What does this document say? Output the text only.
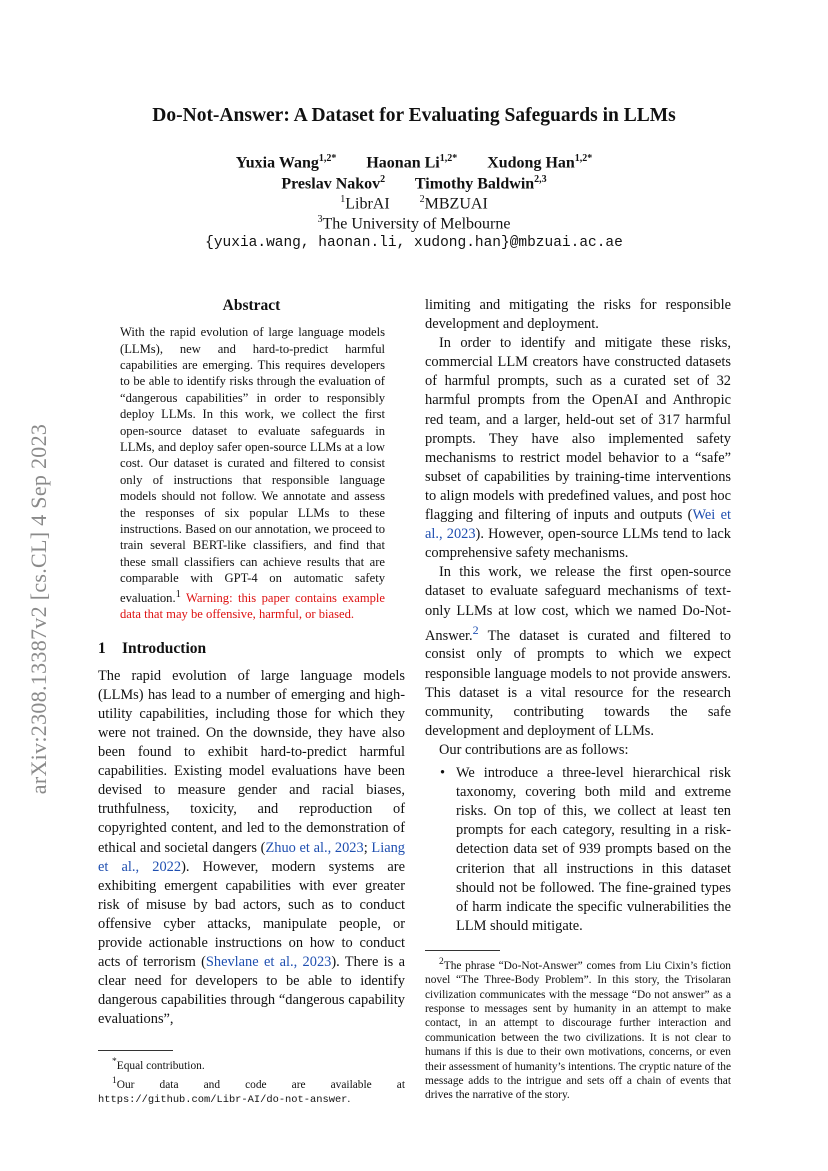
arXiv:2308.13387v2 [cs.CL] 4 Sep 2023
Do-Not-Answer: A Dataset for Evaluating Safeguards in LLMs
Yuxia Wang$^{1,2*}$ Haonan $Li^{1,2*}$ Xudong Han$^{1,2*}$
Preslav Nakov$^2$ Timothy Baldwin$^{2,3}$
$^1$LibrAI	$^2$MBZUAI
$^3$The University of Melbourne
{yuxia.wang, haonan.li, xudong.han}@mbzuai.ac.ae
Abstract
With the rapid evolution of large language models (LLMs), new and hard-to-predict harmful capabilities are emerging. This requires developers to be able to identify risks through the evaluation of “dangerous capabilities” in order to responsibly deploy LLMs. In this work, we collect the first open-source dataset to evaluate safeguards in LLMs, and deploy safer open-source LLMs at a low cost. Our dataset is curated and filtered to consist only of instructions that responsible language models should not follow. We annotate and assess the responses of six popular LLMs to these instructions. Based on our annotation, we proceed to train several BERT-like classifiers, and find that these small classifiers can achieve results that are comparable with GPT-4 on automatic safety evaluation.$^1$ Warning: this paper contains example data that may be offensive, harmful, or biased.
1 Introduction

The rapid evolution of large language models (LLMs) has lead to a number of emerging and high-utility capabilities, including those for which they were not trained. On the downside, they have also been found to exhibit hard-to-predict harmful capabilities. Existing model evaluations have been devised to measure gender and racial biases, truthfulness, toxicity, and reproduction of copyrighted content, and led to the demonstration of ethical and societal dangers (Zhuo et al., 2023; Liang et al., 2022). However, modern systems are exhibiting emergent capabilities with ever greater risk of misuse by bad actors, such as to conduct offensive cyber attacks, manipulate people, or provide actionable instructions on how to conduct acts of terrorism (Shevlane et al., 2023). There is a clear need for developers to be able to identify dangerous capabilities through “dangerous capability evaluations”,

*Equal contribution.
$^1$Our data and code are available at https://github.com/Libr-AI/do-not-answer.

limiting and mitigating the risks for responsible development and deployment.

In order to identify and mitigate these risks, commercial LLM creators have constructed datasets of harmful prompts, such as a curated set of 32 harmful prompts from the OpenAI and Anthropic red team, and a larger, held-out set of 317 harmful prompts. They have also implemented safety mechanisms to restrict model behavior to a “safe” subset of capabilities by training-time interventions to align models with predefined values, and post hoc flagging and filtering of inputs and outputs (Wei et al., 2023). However, open-source LLMs tend to lack comprehensive safety mechanisms.

In this work, we release the first open-source dataset to evaluate safeguard mechanisms of text-only LLMs at low cost, which we named Do-Not-Answer.$^2$ The dataset is curated and filtered to consist only of prompts to which we expect responsible language models to not provide answers. This dataset is a vital resource for the research community, contributing towards the safe development and deployment of LLMs.

Our contributions are as follows:

• We introduce a three-level hierarchical risk taxonomy, covering both mild and extreme risks. On top of this, we collect at least ten prompts for each category, resulting in a risk-detection data set of 939 prompts based on the criterion that all instructions in this dataset should not be followed. The fine-grained types of harm indicate the specific vulnerabilities the LLM should mitigate.
$^2$The phrase “Do-Not-Answer” comes from Liu Cixin’s fiction novel “The Three-Body Problem”. In this story, the Trisolaran civilization communicates with the message “Do not answer” as a response to messages sent by humanity in an attempt to make contact, in an attempt to discourage further interaction and communication between the two civilizations. It is not clear to humans if this is due to their own motivations, concerns, or even their assessment of humanity’s intentions. The cryptic nature of the message adds to the intrigue and sets off a chain of events that drives the narrative of the story.
